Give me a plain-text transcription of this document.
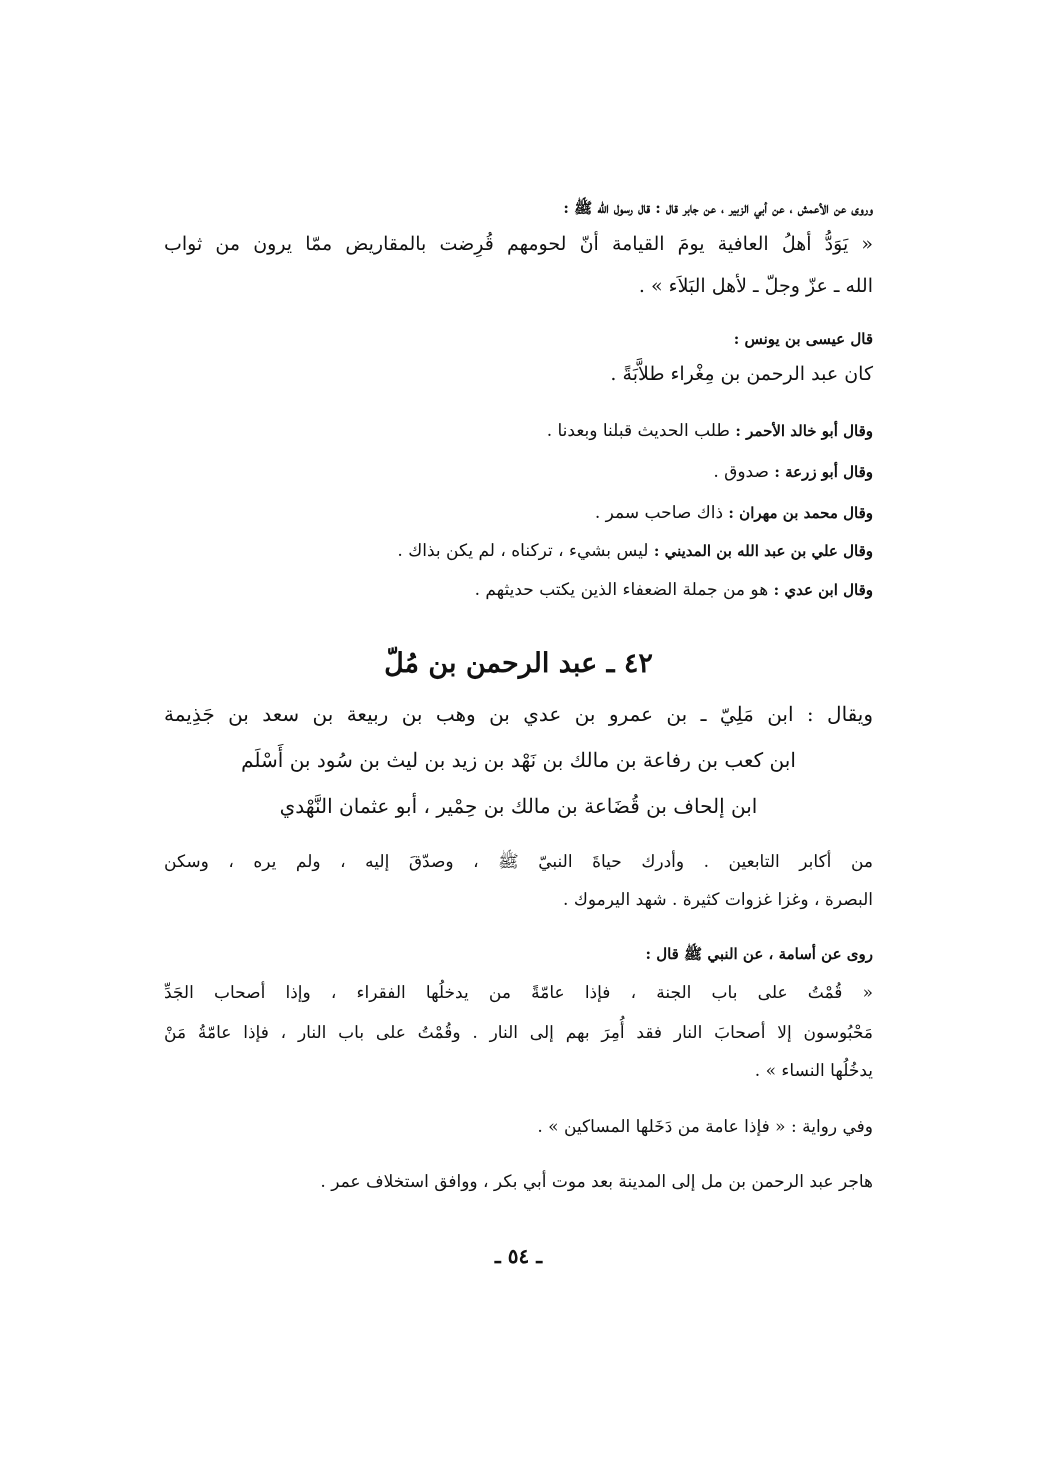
وروى عن الأعمش ، عن أبي الزبير ، عن جابر قال : قال رسول الله ﷺ :
« يَوَدُّ أهلُ العافية يومَ القيامة أنّ لحومهم قُرِضت بالمقاريض ممّا يرون من ثواب
الله ـ عزّ وجلّ ـ لأهل البَلاَء » .
قال عيسى بن يونس :
كان عبد الرحمن بن مِغْراء طلاَّبَةً .
وقال أبو خالد الأحمر : طلب الحديث قبلنا وبعدنا .
وقال أبو زرعة : صدوق .
وقال محمد بن مهران : ذاك صاحب سمر .
وقال علي بن عبد الله بن المديني : ليس بشيء ، تركناه ، لم يكن بذاك .
وقال ابن عدي : هو من جملة الضعفاء الذين يكتب حديثهم .
٤٢ ـ عبد الرحمن بن مُلّ
ويقال : ابن مَلِيّ ـ بن عمرو بن عدي بن وهب بن ربيعة بن سعد بن جَذِيمة
ابن كعب بن رفاعة بن مالك بن نَهْد بن زيد بن ليث بن سُود بن أَسْلَم
ابن إلحاف بن قُضَاعة بن مالك بن حِمْير ، أبو عثمان النَّهْدي
من أكابر التابعين . وأدرك حياةَ النبيّ ﷺ ، وصدّقَ إليه ، ولم يره ، وسكن
البصرة ، وغزا غزوات كثيرة . شهد اليرموك .
روى عن أسامة ، عن النبي ﷺ قال :
« قُمْتُ على باب الجنة ، فإذا عامّةً من يدخلُها الفقراء ، وإذا أصحاب الجَدِّ
مَحْبُوسون إلا أصحابَ النار فقد أُمِرَ بهم إلى النار . وقُمْتُ على باب النار ، فإذا عامّةُ مَنْ
يدخُلُها النساء » .
وفي رواية : « فإذا عامة من دَخَلها المساكين » .
هاجر عبد الرحمن بن مل إلى المدينة بعد موت أبي بكر ، ووافق استخلاف عمر .
ـ ٥٤ ـ
